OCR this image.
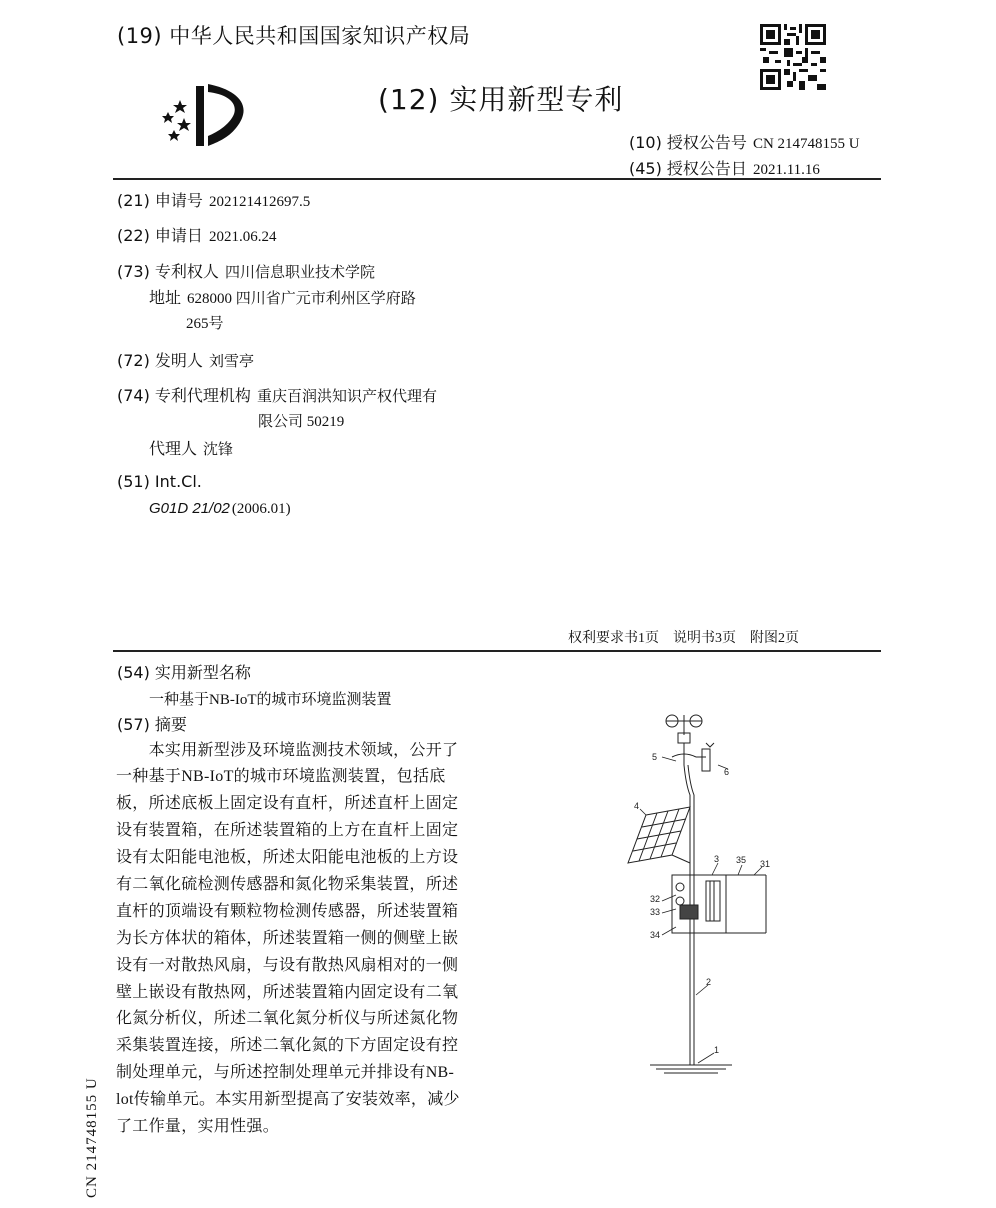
(19) 中华人民共和国国家知识产权局
(12) 实用新型专利
(10) 授权公告号 CN 214748155 U
(45) 授权公告日 2021.11.16
(21) 申请号 202121412697.5
(22) 申请日 2021.06.24
(73) 专利权人 四川信息职业技术学院
地址 628000 四川省广元市利州区学府路
265号
(72) 发明人 刘雪亭
(74) 专利代理机构 重庆百润洪知识产权代理有
限公司 50219
代理人 沈锋
(51) Int.Cl.
G01D 21/02 (2006.01)
权利要求书1页　说明书3页　附图2页
(54) 实用新型名称
一种基于NB-IoT的城市环境监测装置
(57) 摘要
　　本实用新型涉及环境监测技术领域，公开了
一种基于NB-IoT的城市环境监测装置，包括底
板，所述底板上固定设有直杆，所述直杆上固定
设有装置箱，在所述装置箱的上方在直杆上固定
设有太阳能电池板，所述太阳能电池板的上方设
有二氧化硫检测传感器和氮化物采集装置，所述
直杆的顶端设有颗粒物检测传感器，所述装置箱
为长方体状的箱体，所述装置箱一侧的侧壁上嵌
设有一对散热风扇，与设有散热风扇相对的一侧
壁上嵌设有散热网，所述装置箱内固定设有二氧
化氮分析仪，所述二氧化氮分析仪与所述氮化物
采集装置连接，所述二氧化氮的下方固定设有控
制处理单元，与所述控制处理单元并排设有NB-
lot传输单元。本实用新型提高了安装效率，减少
了工作量，实用性强。
CN 214748155 U
5
6
4
3 35 31
32
33
34
2
1
